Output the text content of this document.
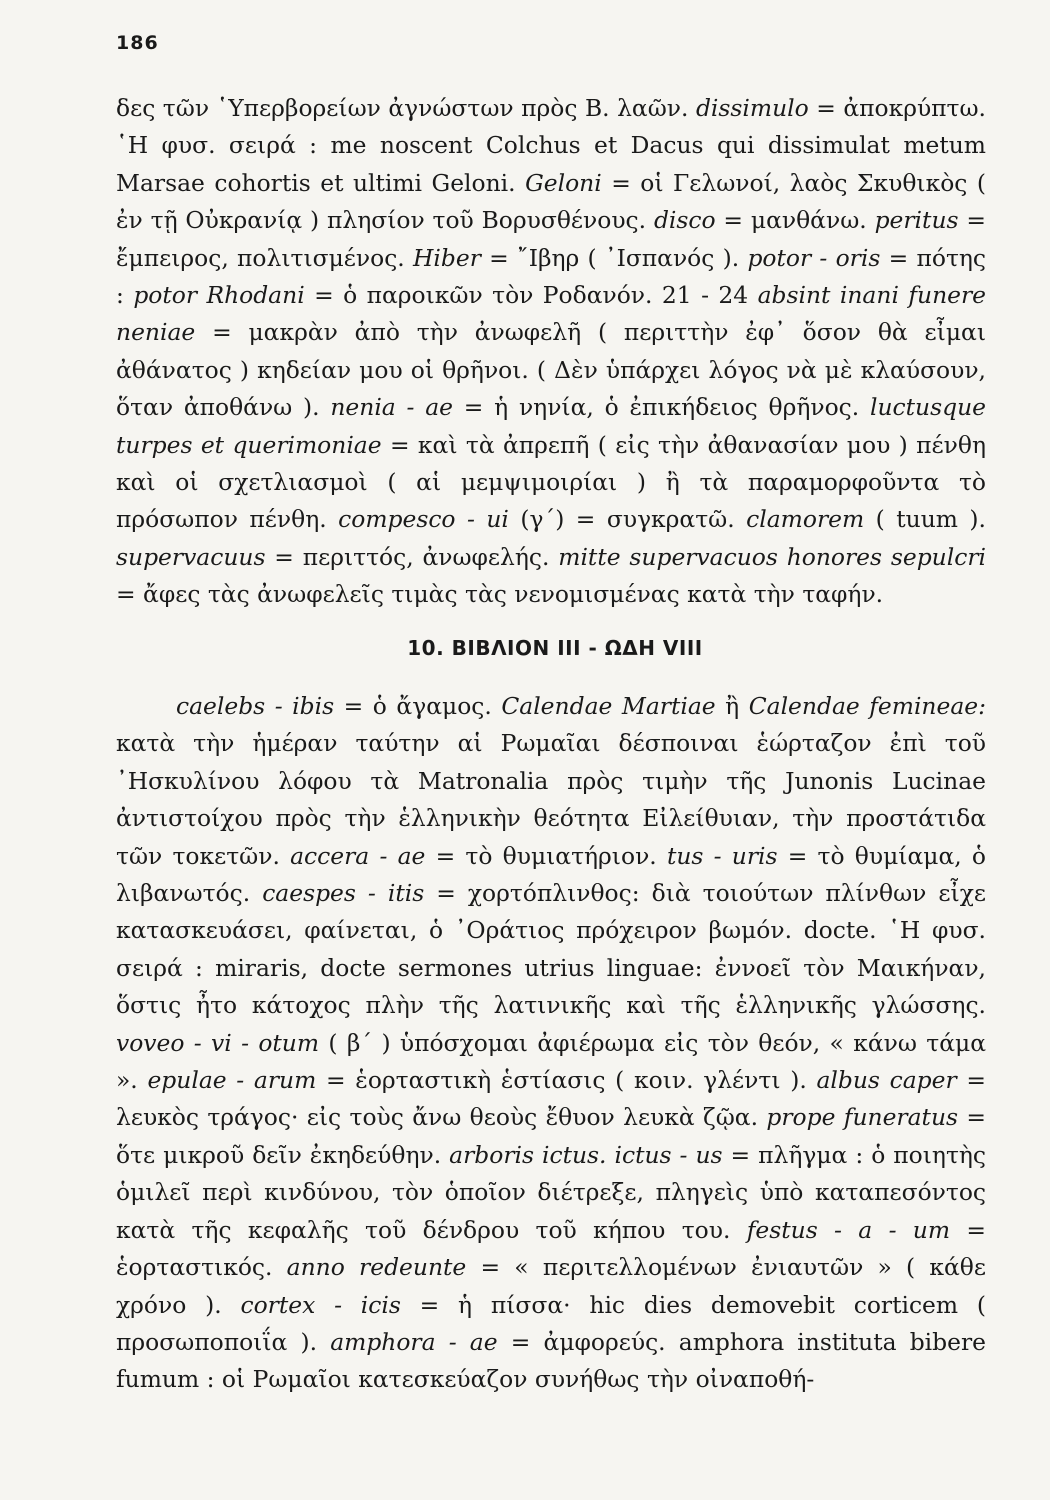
186

δες τῶν ῾Υπερβορείων ἀγνώστων πρὸς Β. λαῶν. dissimulo = ἀποκρύπτω. ῾Η φυσ. σειρά : me noscent Colchus et Dacus qui dissimulat metum Marsae cohortis et ultimi Geloni. Geloni = οἱ Γελωνοί, λαὸς Σκυθικὸς ( ἐν τῇ Οὐκρανίᾳ ) πλησίον τοῦ Βορυσθένους. disco = μανθάνω. peritus = ἔμπειρος, πολιτισμένος. Hiber = ῎Ιβηρ ( ᾽Ισπανός ). potor - oris = πότης : potor Rhodani = ὁ παροικῶν τὸν Ροδανόν. 21 - 24 absint inani funere neniae = μακρὰν ἀπὸ τὴν ἀνωφελῆ ( περιττὴν ἐφ᾽ ὅσον θὰ εἶμαι ἀθάνατος ) κηδείαν μου οἱ θρῆνοι. ( Δὲν ὑπάρχει λόγος νὰ μὲ κλαύσουν, ὅταν ἀποθάνω ). nenia - ae = ἡ νηνία, ὁ ἐπικήδειος θρῆνος. luctusque turpes et querimoniae = καὶ τὰ ἀπρεπῆ ( εἰς τὴν ἀθανασίαν μου ) πένθη καὶ οἱ σχετλιασμοὶ ( αἱ μεμψιμοιρίαι ) ἢ τὰ παραμορφοῦντα τὸ πρόσωπον πένθη. compesco - ui (γ΄) = συγκρατῶ. clamorem ( tuum ). supervacuus = περιττός, ἀνωφελής. mitte supervacuos honores sepulcri = ἄφες τὰς ἀνωφελεῖς τιμὰς τὰς νενομισμένας κατὰ τὴν ταφήν.

10. ΒΙΒΛΙΟΝ ΙΙΙ - ΩΔΗ VIII

caelebs - ibis = ὁ ἄγαμος. Calendae Martiae ἢ Calendae femineae: κατὰ τὴν ἡμέραν ταύτην αἱ Ρωμαῖαι δέσποιναι ἑώρταζον ἐπὶ τοῦ ᾽Ησκυλίνου λόφου τὰ Matronalia πρὸς τιμὴν τῆς Junonis Lucinae ἀντιστοίχου πρὸς τὴν ἑλληνικὴν θεότητα Εἰλείθυιαν, τὴν προστάτιδα τῶν τοκετῶν. accera - ae = τὸ θυμιατήριον. tus - uris = τὸ θυμίαμα, ὁ λιβανωτός. caespes - itis = χορτόπλινθος: διὰ τοιούτων πλίνθων εἶχε κατασκευάσει, φαίνεται, ὁ ᾽Οράτιος πρόχειρον βωμόν. docte. ῾Η φυσ. σειρά : miraris, docte sermones utrius linguae: ἐννοεῖ τὸν Μαικήναν, ὅστις ἦτο κάτοχος πλὴν τῆς λατινικῆς καὶ τῆς ἑλληνικῆς γλώσσης. voveo - vi - otum ( β΄ ) ὑπόσχομαι ἀφιέρωμα εἰς τὸν θεόν, « κάνω τάμα ». epulae - arum = ἑορταστικὴ ἑστίασις ( κοιν. γλέντι ). albus caper = λευκὸς τράγος· εἰς τοὺς ἄνω θεοὺς ἔθυον λευκὰ ζῷα. prope funeratus = ὅτε μικροῦ δεῖν ἐκηδεύθην. arboris ictus. ictus - us = πλῆγμα : ὁ ποιητὴς ὁμιλεῖ περὶ κινδύνου, τὸν ὁποῖον διέτρεξε, πληγεὶς ὑπὸ καταπεσόντος κατὰ τῆς κεφαλῆς τοῦ δένδρου τοῦ κήπου του. festus - a - um = ἑορταστικός. anno redeunte = « περιτελλομένων ἐνιαυτῶν » ( κάθε χρόνο ). cortex - icis = ἡ πίσσα· hic dies demovebit corticem ( προσωποποιΐα ). amphora - ae = ἀμφορεύς. amphora instituta bibere fumum : οἱ Ρωμαῖοι κατεσκεύαζον συνήθως τὴν οἰναποθή-
